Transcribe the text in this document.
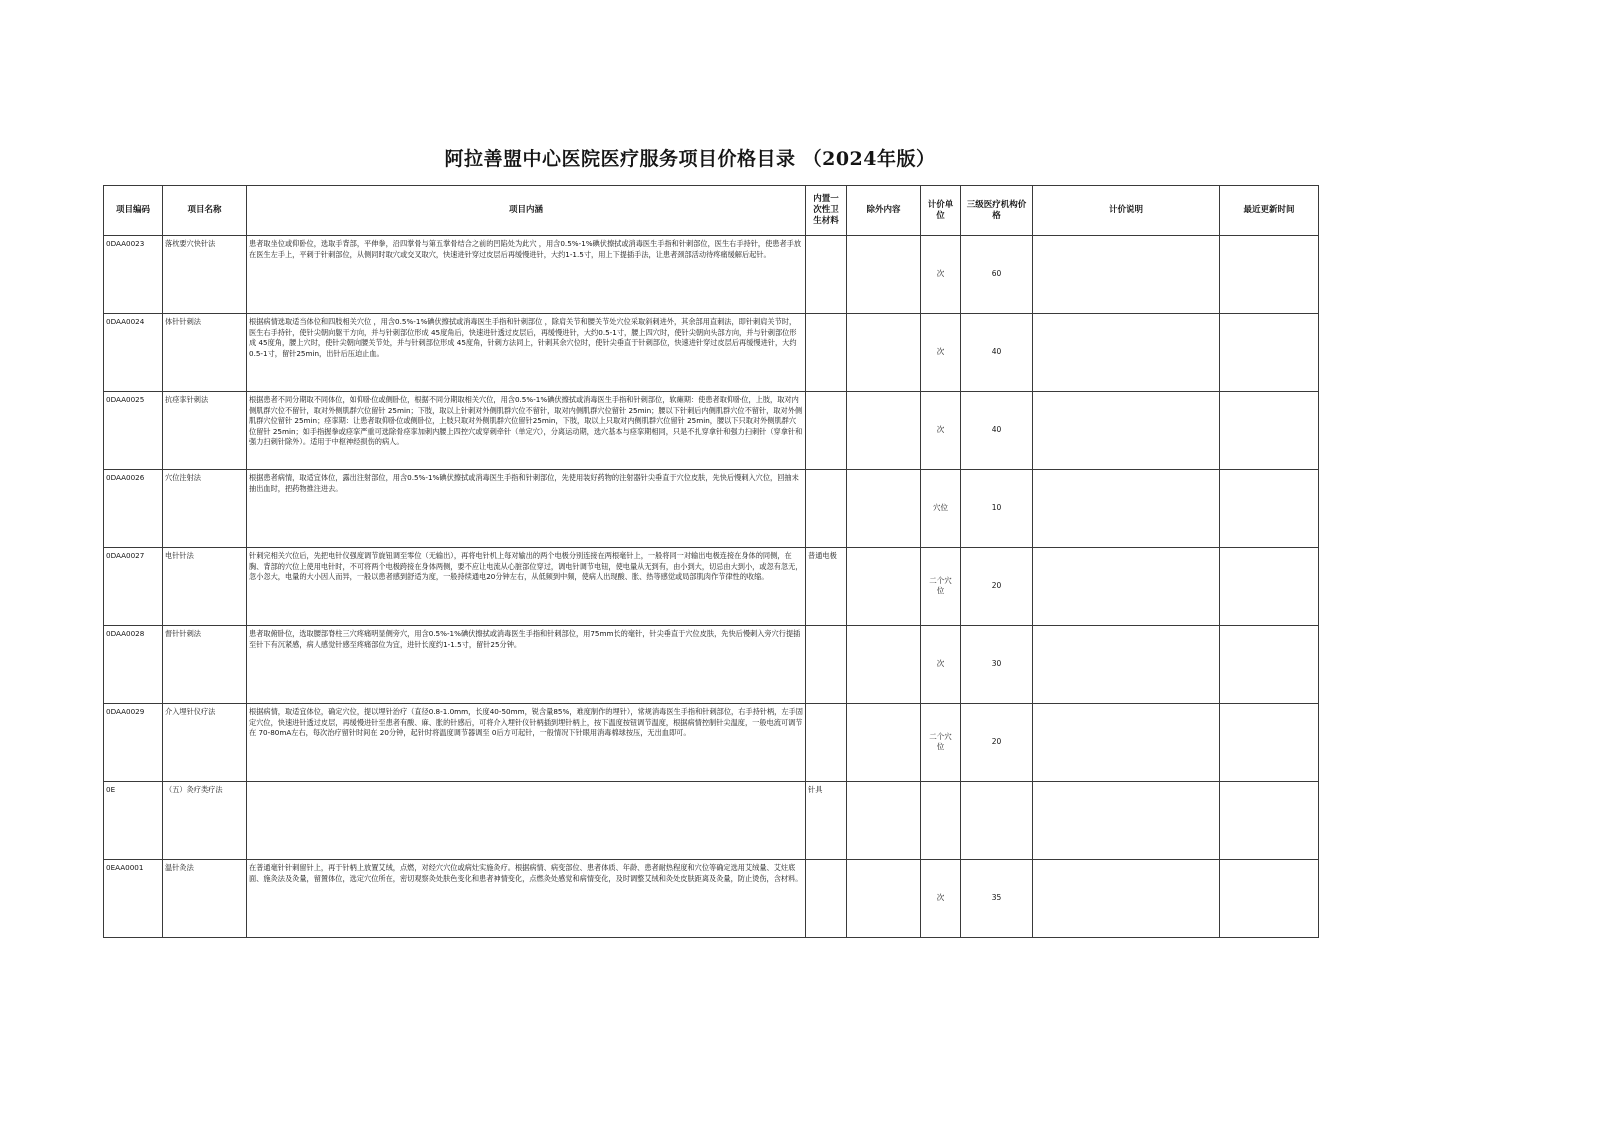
阿拉善盟中心医院医疗服务项目价格目录 （2024年版）
项目编码	项目名称	项目内涵	内置一次性卫生材料	除外内容	计价单位	三级医疗机构价格	计价说明	最近更新时间

0DAA0023	落枕要穴快针法	患者取坐位或仰卧位，选取手背部，平伸拳，沿四掌骨与第五掌骨结合之前的凹陷处为此穴 ，用含0.5%-1%碘伏擦拭或消毒医生手指和针刺部位，医生右手持针，使患者手放在医生左手上，平刺于针刺部位，从侧同时取穴或交叉取穴，快速进针穿过皮层后再缓慢进针，大约1-1.5寸，用上下提插手法，让患者颈部活动待疼痛缓解后起针。			次	60		

0DAA0024	体针针刺法	根据病情选取适当体位和四肢相关穴位 ，用含0.5%-1%碘伏擦拭或消毒医生手指和针刺部位 ，除肩关节和腰关节处穴位采取斜刺进外，其余部用直刺法，即针刺肩关节时，医生右手持针，使针尖朝向躯干方向，并与针刺部位形成 45度角后，快速进针透过皮层后，再缓慢进针，大约0.5-1寸，腰上四穴时，使针尖朝向头部方向，并与针刺部位形成 45度角，腰上穴时，使针尖朝向腰关节处，并与针刺部位形成 45度角，针刺方法同上，针刺其余穴位时，使针尖垂直于针刺部位，快速进针穿过皮层后再缓慢进针，大约0.5-1寸，留针25min，出针后压迫止血。			次	40		

0DAA0025	抗痉挛针刺法	根据患者不同分期取不同体位，如仰卧位或侧卧位，根据不同分期取相关穴位，用含0.5%-1%碘伏擦拭或消毒医生手指和针刺部位，软瘫期：使患者取仰卧位，上肢，取对内侧肌群穴位不留针，取对外侧肌群穴位留针 25min；下肢，取以上针刺对外侧肌群穴位不留针，取对内侧肌群穴位留针 25min；腰以下针刺后内侧肌群穴位不留针，取对外侧肌群穴位留针 25min；痉挛期：让患者取仰卧位或侧卧位，上肢只取对外侧肌群穴位留针25min，下肢，取以上只取对内侧肌群穴位留针 25min，腰以下只取对外侧肌群穴位留针 25min；如手指握拳或痉挛严重可选除骨痉挛加刺内腰上四控穴或穿刺牵针（单定穴），分离运动期，选穴基本与痉挛期相同，只是不扎穿拿针和强力扫刺针（穿拿针和强力扫刺针除外）。适用于中枢神经损伤的病人。			次	40		

0DAA0026	穴位注射法	根据患者病情，取适宜体位，露出注射部位，用含0.5%-1%碘伏擦拭或消毒医生手指和针刺部位，先使用装好药物的注射器针尖垂直于穴位皮肤，先快后慢刺入穴位，回抽未抽出血时，把药物推注进去。			穴位	10		

0DAA0027	电针针法	针刺完相关穴位后，先把电针仪强度调节旋钮调至零位（无输出），再将电针机上每对输出的两个电极分别连接在两根毫针上，一般将同一对输出电极连接在身体的同侧，在胸、背部的穴位上使用电针时，不可将两个电极跨接在身体两侧，要不应让电流从心脏部位穿过，调电针调节电钮，使电量从无到有，由小到大，切忌由大到小，或忽有忽无，忽小忽大，电量的大小因人而异，一般以患者感到舒适为度，一般持续通电20分钟左右，从低频到中频，使病人出现酸、胀、热等感觉或局部肌肉作节律性的收缩。	普通电极		二个穴位	20		

0DAA0028	督针针刺法	患者取俯卧位，选取腰部脊柱三穴疼痛明显侧旁穴，用含0.5%-1%碘伏擦拭或消毒医生手指和针刺部位，用75mm长的毫针，针尖垂直于穴位皮肤，先快后慢刺入旁穴行提插至针下有沉紧感，病人感觉针感至疼痛部位为宜，进针长度约1-1.5寸，留针25分钟。			次	30		

0DAA0029	介入埋针仪疗法	根据病情，取适宜体位，确定穴位，提以埋针治疗（直径0.8-1.0mm，长度40-50mm，锐含量85%，难度制作的埋针），常规消毒医生手指和针刺部位，右手持针柄，左手固定穴位，快速进针透过皮层，再缓慢进针至患者有酸、麻、胀的针感后，可将介入埋针仪针柄插到埋针柄上，按下温度按钮调节温度，根据病情控制针尖温度，一般电流可调节在 70-80mA左右，每次治疗留针时间在 20分钟，起针时将温度调节器调至 0后方可起针，一般情况下针眼用消毒棉球按压，无出血即可。			二个穴位	20		

0E	（五）灸疗类疗法		针具					

0EAA0001	温针灸法	在普通毫针针刺留针上，再于针柄上放置艾绒，点燃，对经穴穴位或病灶实施灸疗。根据病情、病变部位、患者体质、年龄、患者耐热程度和穴位等确定选用艾绒量、艾炷底面、施灸法及灸量，留置体位，选定穴位所在，密切观察灸处肤色变化和患者神情变化，点燃灸处感觉和病情变化，及时调整艾绒和灸处皮肤距离及灸量，防止烫伤，含材料。			次	35		
